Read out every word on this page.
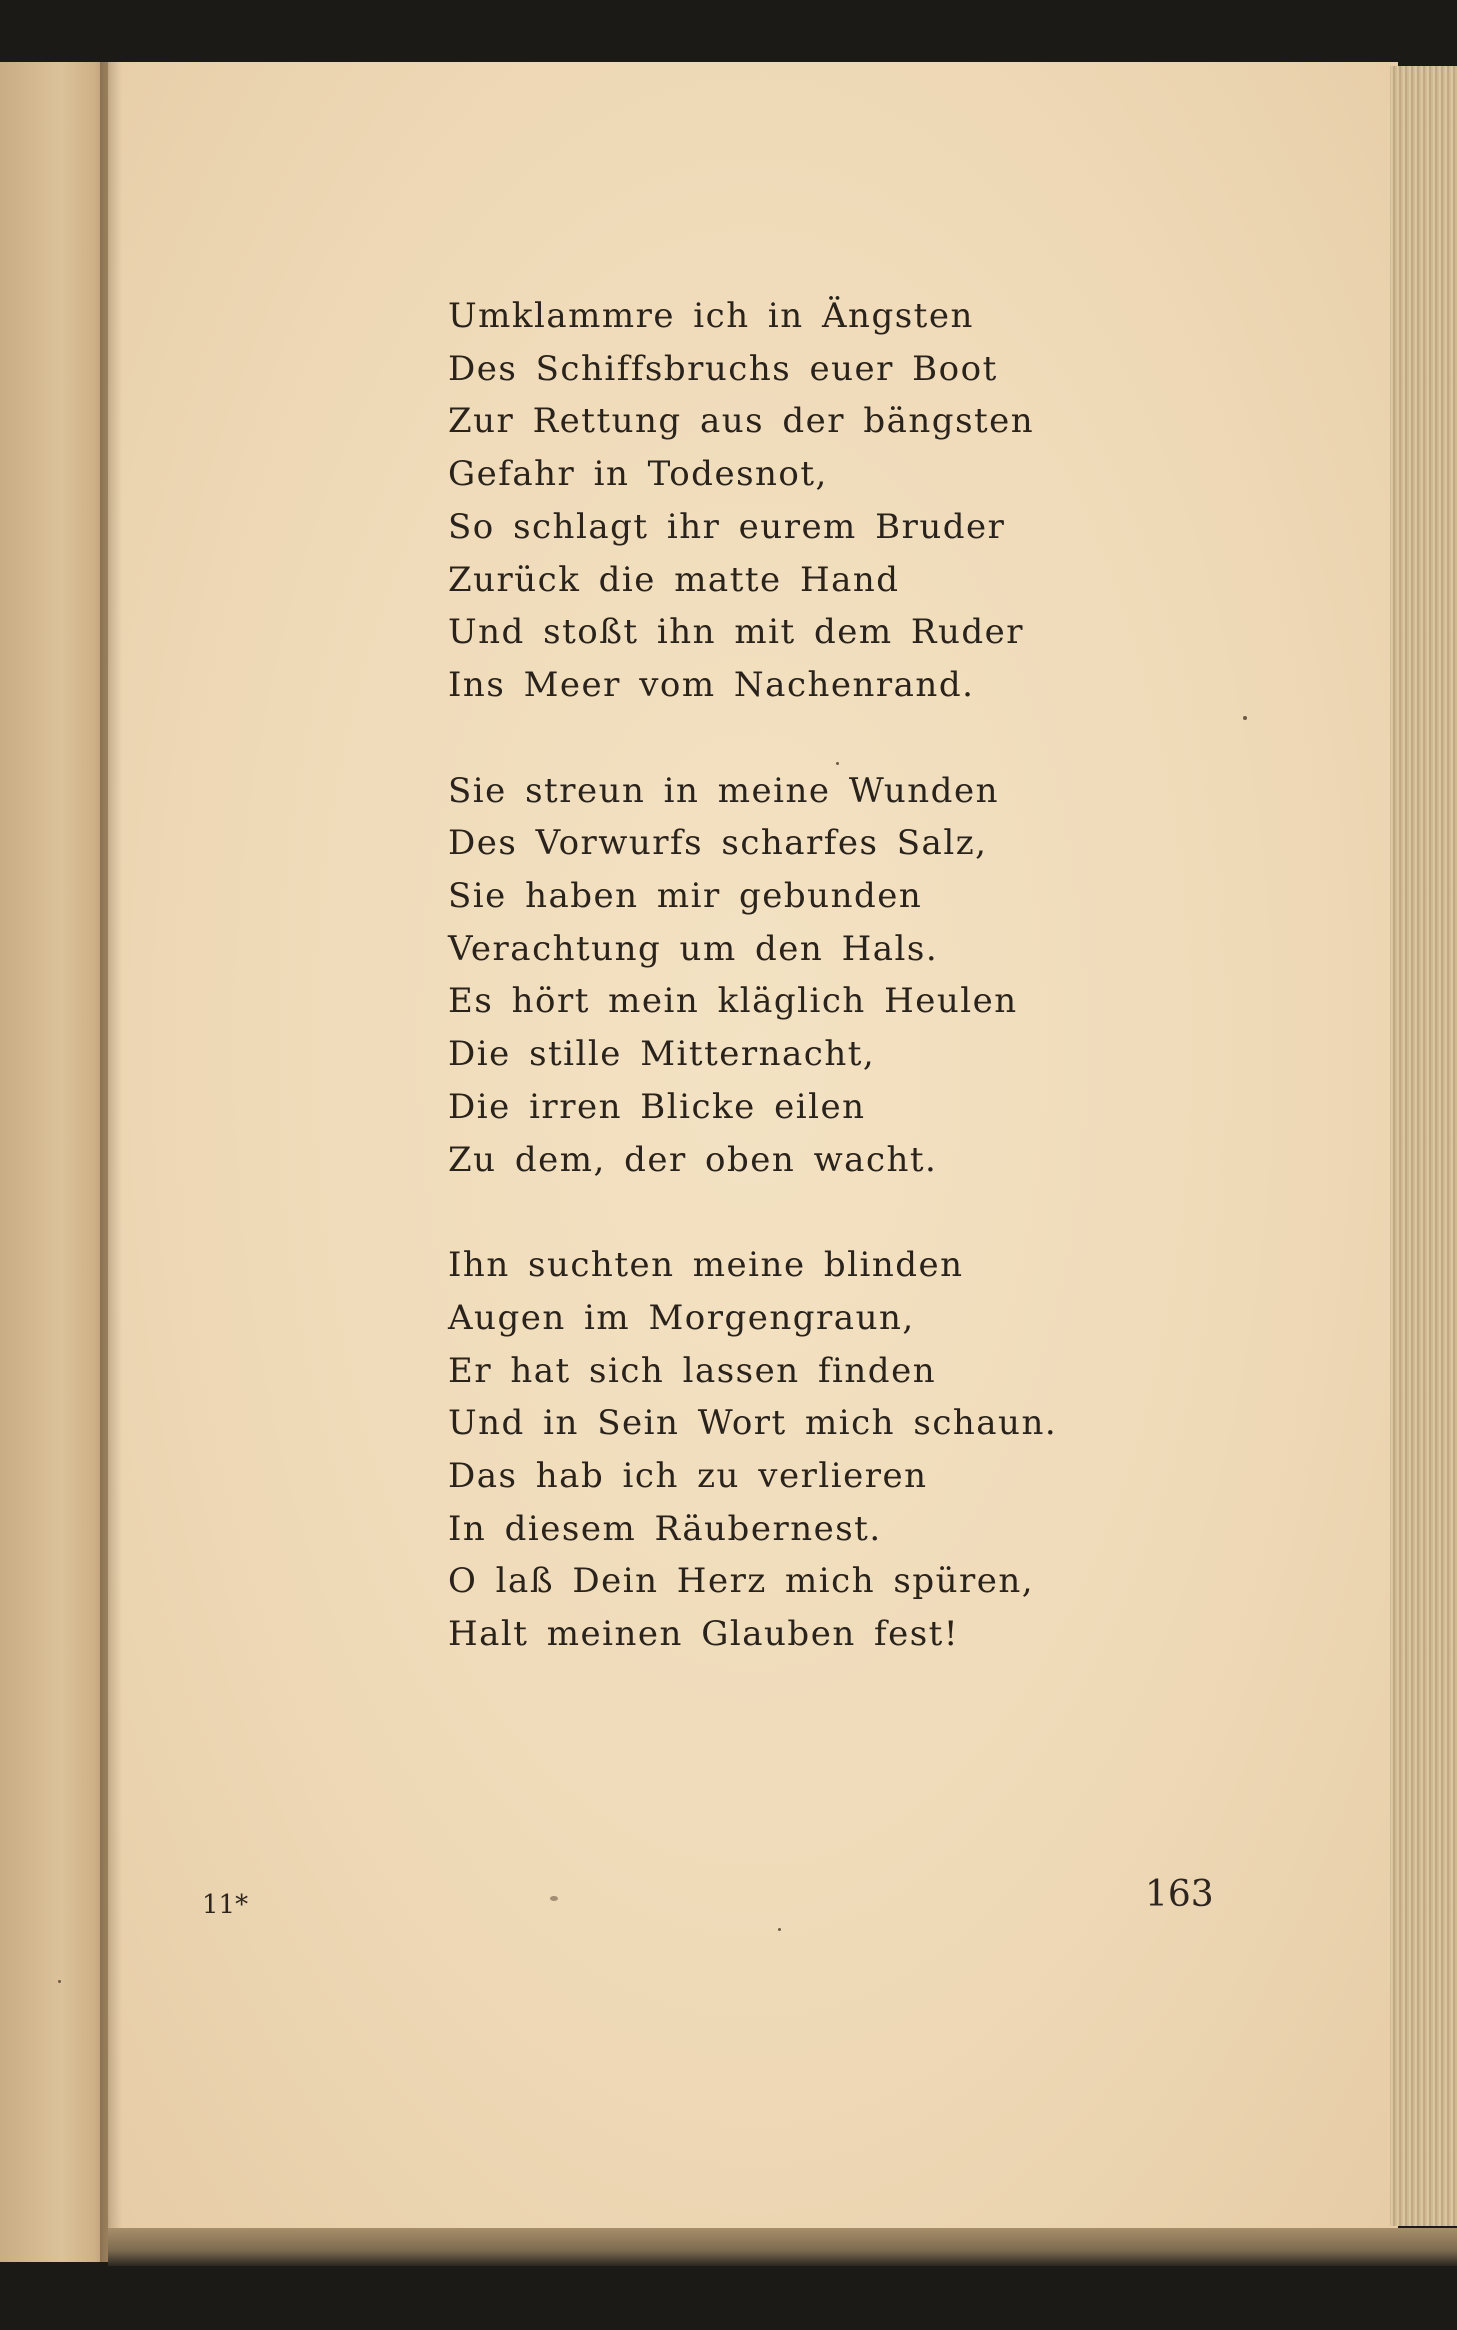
Umklammre ich in Ängsten
Des Schiffsbruchs euer Boot
Zur Rettung aus der bängsten
Gefahr in Todesnot,
So schlagt ihr eurem Bruder
Zurück die matte Hand
Und stoßt ihn mit dem Ruder
Ins Meer vom Nachenrand.
Sie streun in meine Wunden
Des Vorwurfs scharfes Salz,
Sie haben mir gebunden
Verachtung um den Hals.
Es hört mein kläglich Heulen
Die stille Mitternacht,
Die irren Blicke eilen
Zu dem, der oben wacht.
Ihn suchten meine blinden
Augen im Morgengraun,
Er hat sich lassen finden
Und in Sein Wort mich schaun.
Das hab ich zu verlieren
In diesem Räubernest.
O laß Dein Herz mich spüren,
Halt meinen Glauben fest!
11*	163
